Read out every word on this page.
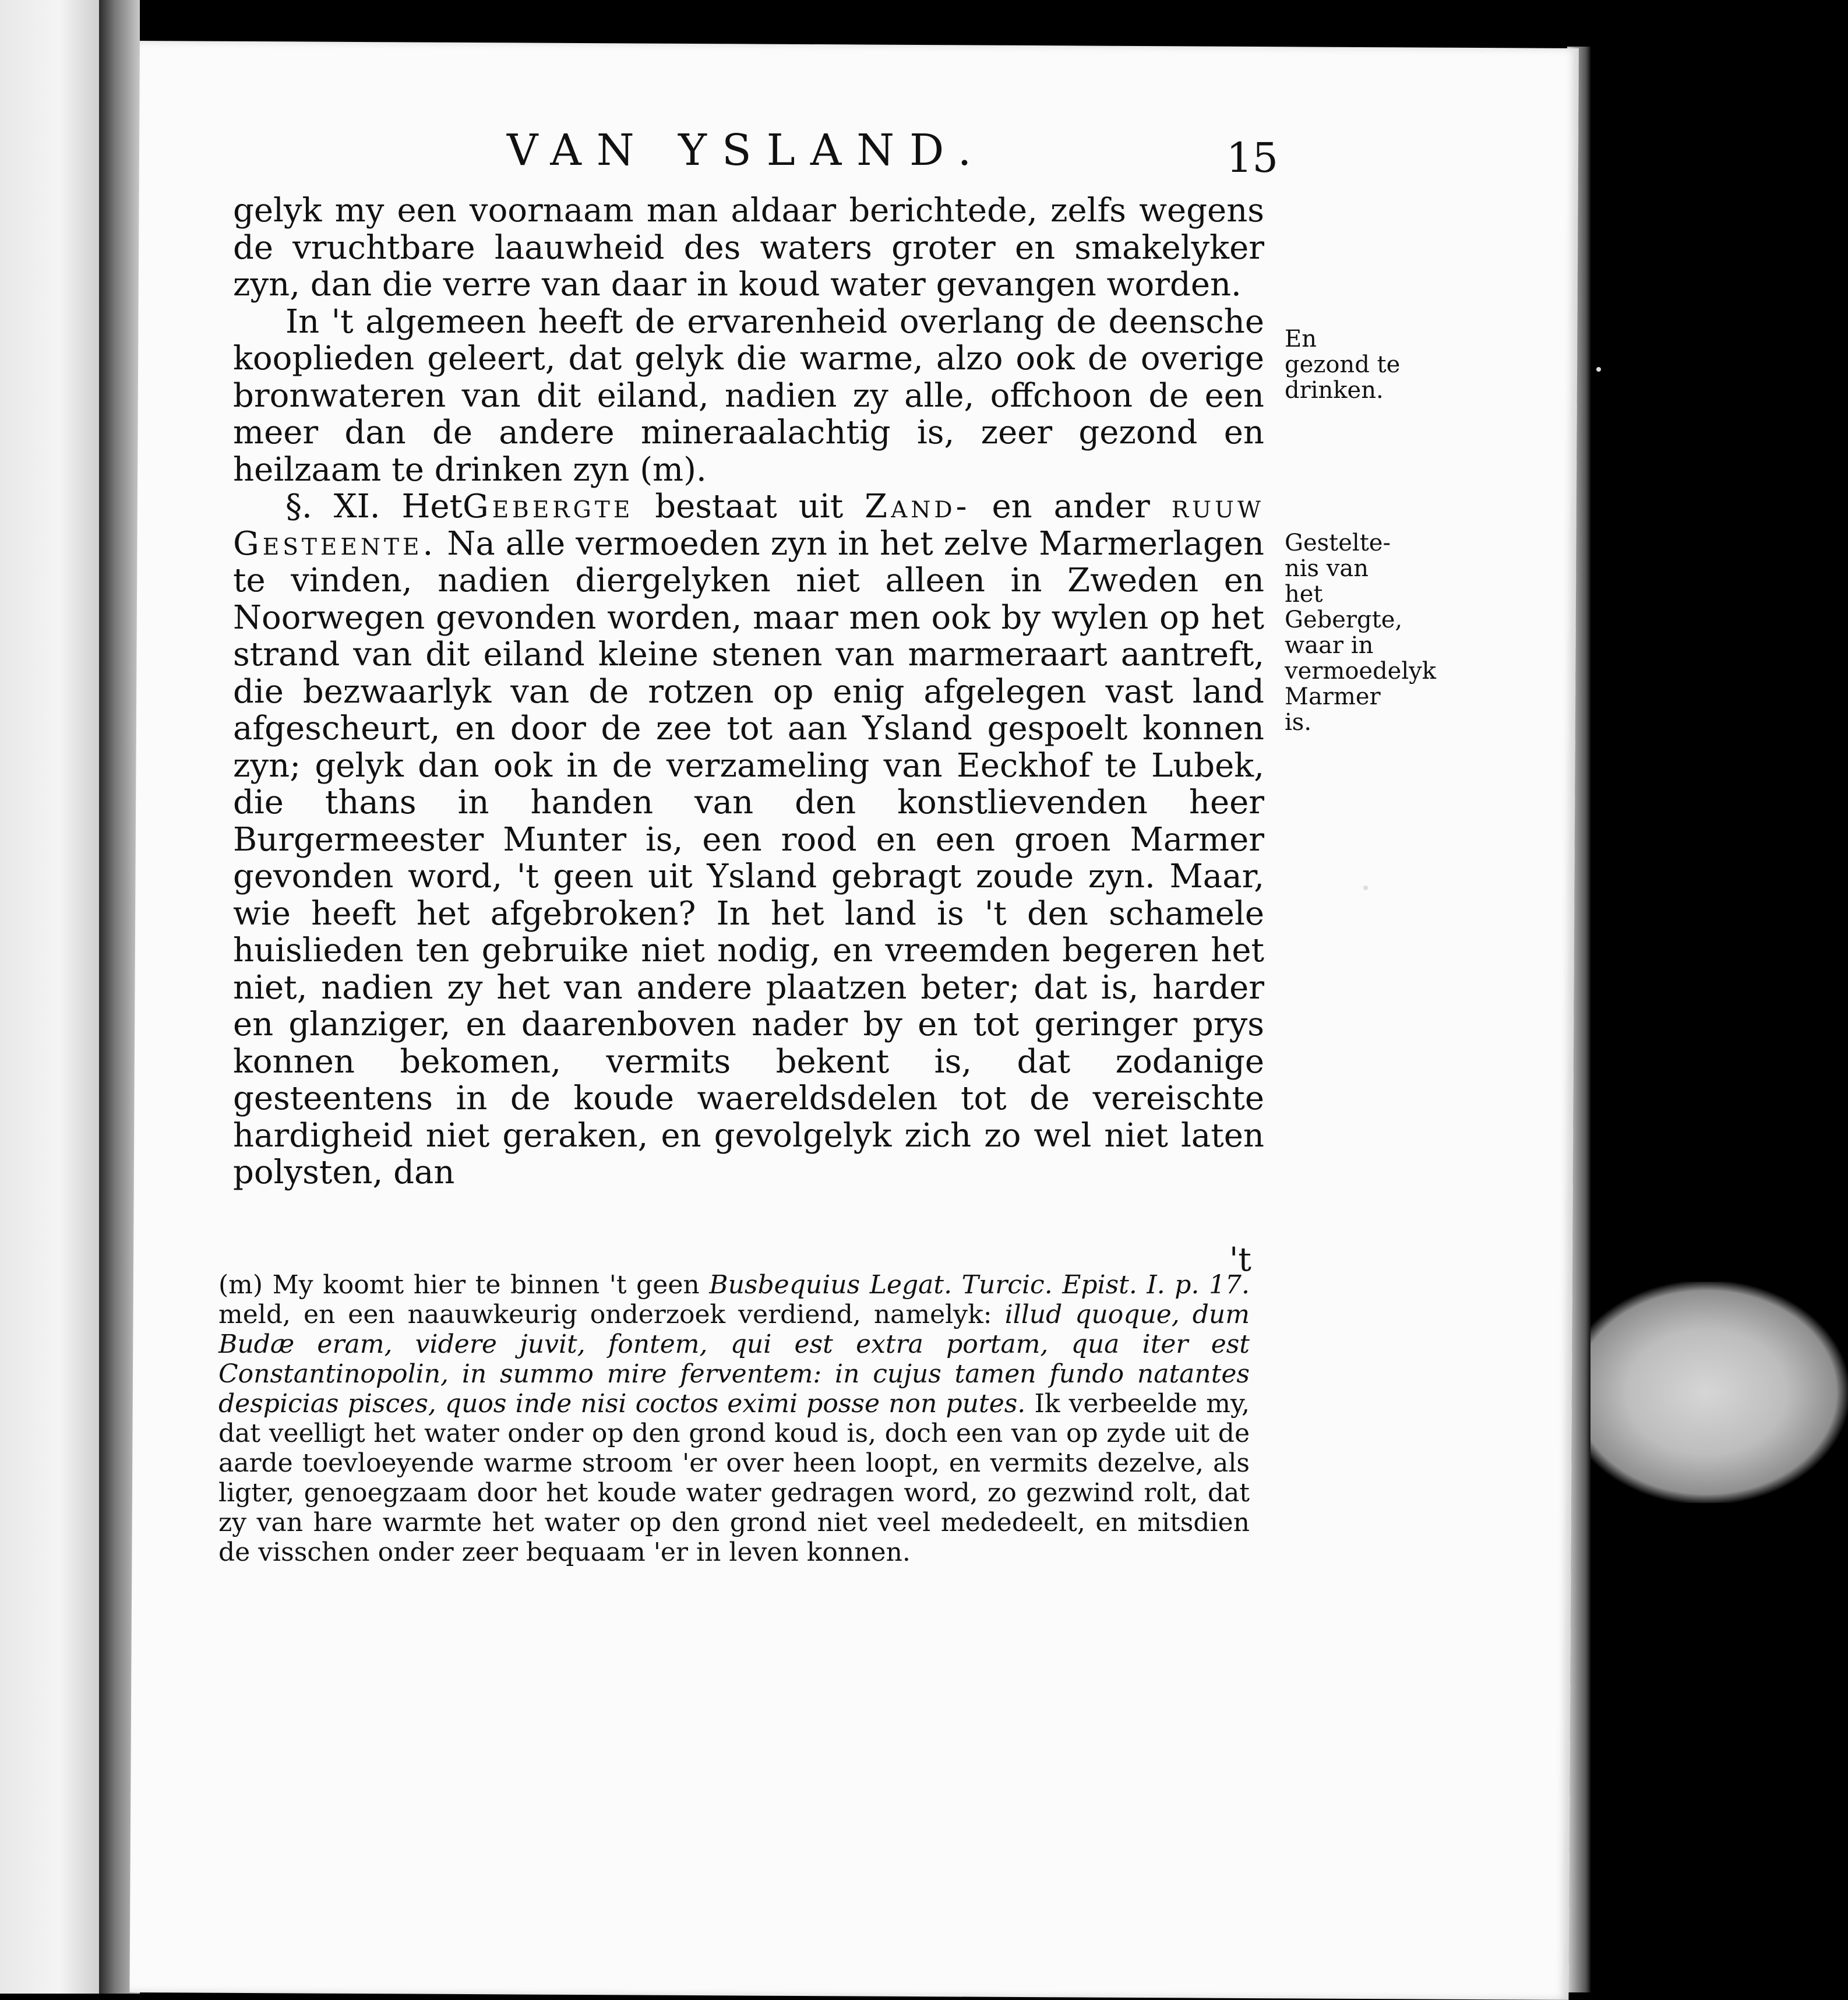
VAN YSLAND.	15

gelyk my een voornaam man aldaar berichtede, zelfs wegens de vruchtbare laauwheid des waters groter en smakelyker zyn, dan die verre van daar in koud water gevangen worden.

In 't algemeen heeft de ervarenheid overlang de deensche kooplieden geleert, dat gelyk die warme, alzo ook de overige bronwateren van dit eiland, nadien zy alle, offchoon de een meer dan de andere mineraalachtig is, zeer gezond en heilzaam te drinken zyn (m).

§. XI. HetGebergte bestaat uit Zand- en ander ruuw Gesteente. Na alle vermoeden zyn in het zelve Marmerlagen te vinden, nadien diergelyken niet alleen in Zweden en Noorwegen gevonden worden, maar men ook by wylen op het strand van dit eiland kleine stenen van marmeraart aantreft, die bezwaarlyk van de rotzen op enig afgelegen vast land afgescheurt, en door de zee tot aan Ysland gespoelt konnen zyn; gelyk dan ook in de verzameling van Eeckhof te Lubek, die thans in handen van den konstlievenden heer Burgermeester Munter is, een rood en een groen Marmer gevonden word, 't geen uit Ysland gebragt zoude zyn. Maar, wie heeft het afgebroken? In het land is 't den schamele huislieden ten gebruike niet nodig, en vreemden begeren het niet, nadien zy het van andere plaatzen beter; dat is, harder en glanziger, en daarenboven nader by en tot geringer prys konnen bekomen, vermits bekent is, dat zodanige gesteentens in de koude waereldsdelen tot de vereischte hardigheid niet geraken, en gevolgelyk zich zo wel niet laten polysten, dan

't
En gezond te drinken.
Gestelte-nis van het Gebergte, waar in vermoedelyk Marmer is.
(m) My koomt hier te binnen 't geen Busbequius Legat. Turcic. Epist. I. p. 17. meld, en een naauwkeurig onderzoek verdiend, namelyk: illud quoque, dum Budæ eram, videre juvit, fontem, qui est extra portam, qua iter est Constantinopolin, in summo mire ferventem: in cujus tamen fundo natantes despicias pisces, quos inde nisi coctos eximi posse non putes. Ik verbeelde my, dat veelligt het water onder op den grond koud is, doch een van op zyde uit de aarde toevloeyende warme stroom 'er over heen loopt, en vermits dezelve, als ligter, genoegzaam door het koude water gedragen word, zo gezwind rolt, dat zy van hare warmte het water op den grond niet veel mededeelt, en mitsdien de visschen onder zeer bequaam 'er in leven konnen.
